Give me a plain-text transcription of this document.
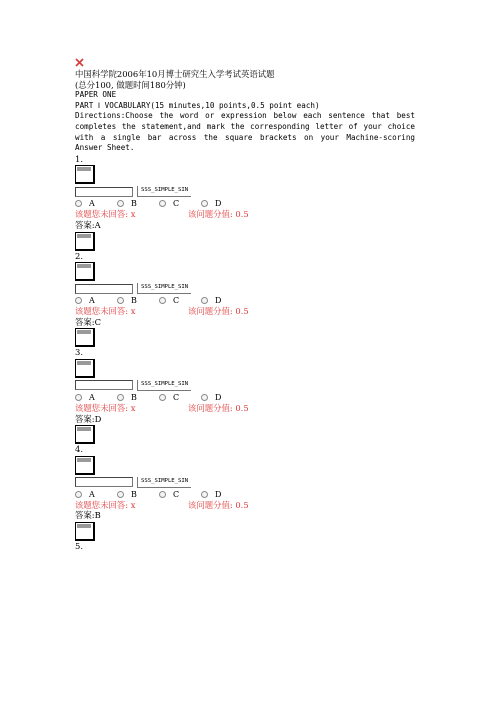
中国科学院2006年10月博士研究生入学考试英语试题
(总分100, 做题时间180分钟)
PAPER ONE
PART Ⅰ VOCABULARY(15 minutes,10 points,0.5 point each)
Directions:Choose the word or expression below each sentence that best completes the statement,and mark the corresponding letter of your choice with a single bar across the square brackets on your Machine-scoring Answer Sheet.
1.
SSS_SIMPLE_SIN
A	B	C	D
该题您未回答: x	该问题分值: 0.5
答案:A
2.
SSS_SIMPLE_SIN
A	B	C	D
该题您未回答: x	该问题分值: 0.5
答案:C
3.
SSS_SIMPLE_SIN
A	B	C	D
该题您未回答: x	该问题分值: 0.5
答案:D
4.
SSS_SIMPLE_SIN
A	B	C	D
该题您未回答: x	该问题分值: 0.5
答案:B
5.
